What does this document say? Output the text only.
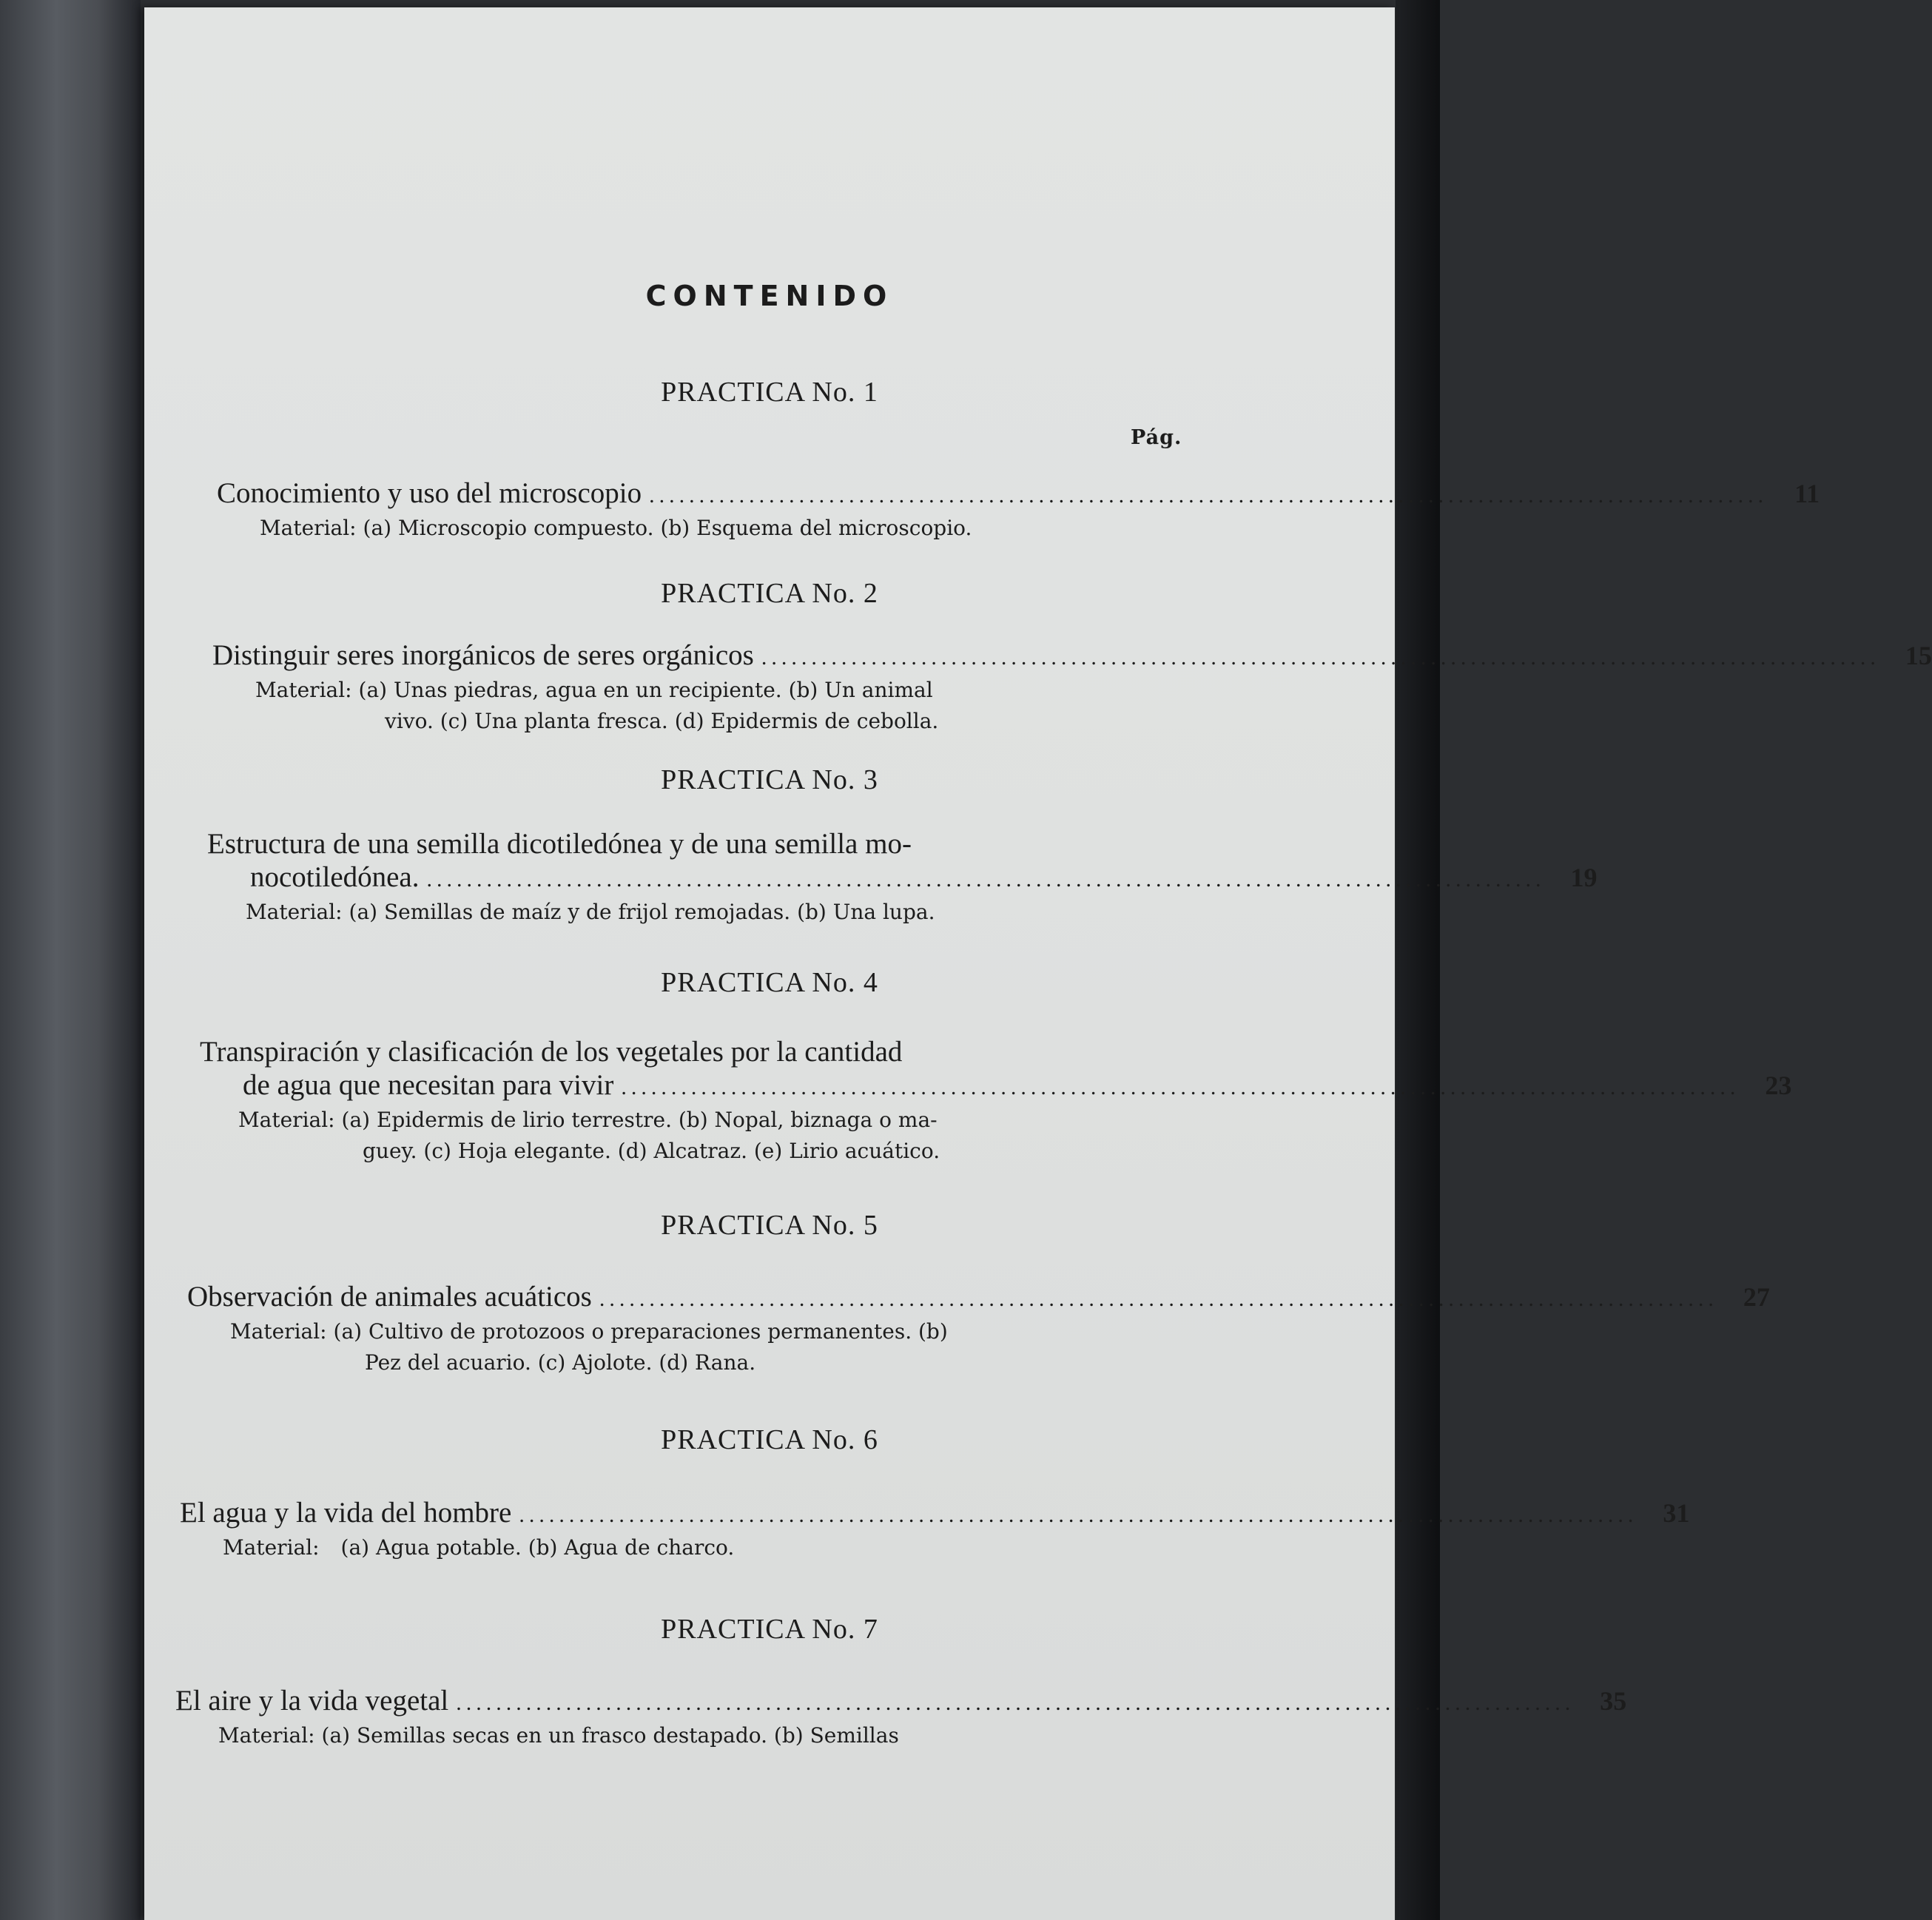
CONTENIDO
Pág.
PRACTICA No. 1
Conocimiento y uso del microscopio ................................................................................................................ 11
Material: (a) Microscopio compuesto. (b) Esquema del microscopio.
PRACTICA No. 2
Distinguir seres inorgánicos de seres orgánicos ................................................................................................................ 15
Material: (a) Unas piedras, agua en un recipiente. (b) Un animal
vivo. (c) Una planta fresca. (d) Epidermis de cebolla.
PRACTICA No. 3
Estructura de una semilla dicotiledónea y de una semilla mo-
nocotiledónea. ................................................................................................................ 19
Material: (a) Semillas de maíz y de frijol remojadas. (b) Una lupa.
PRACTICA No. 4
Transpiración y clasificación de los vegetales por la cantidad
de agua que necesitan para vivir ................................................................................................................ 23
Material: (a) Epidermis de lirio terrestre. (b) Nopal, biznaga o ma-
guey. (c) Hoja elegante. (d) Alcatraz. (e) Lirio acuático.
PRACTICA No. 5
Observación de animales acuáticos ................................................................................................................ 27
Material: (a) Cultivo de protozoos o preparaciones permanentes. (b)
Pez del acuario. (c) Ajolote. (d) Rana.
PRACTICA No. 6
El agua y la vida del hombre ................................................................................................................ 31
Material: (a) Agua potable. (b) Agua de charco.
PRACTICA No. 7
El aire y la vida vegetal ................................................................................................................ 35
Material: (a) Semillas secas en un frasco destapado. (b) Semillas
